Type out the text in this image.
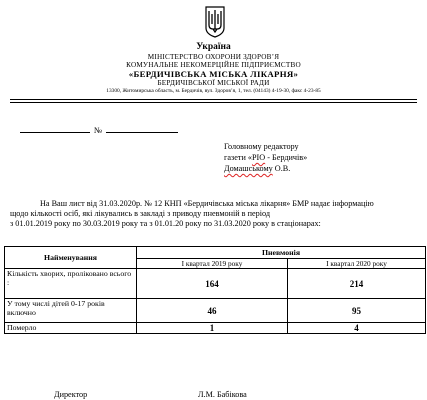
Україна
МІНІСТЕРСТВО ОХОРОНИ ЗДОРОВ’Я
КОМУНАЛЬНЕ НЕКОМЕРЦІЙНЕ ПІДПРИЄМСТВО
«БЕРДИЧІВСЬКА МІСЬКА ЛІКАРНЯ»
БЕРДИЧІВСЬКОЇ МІСЬКОЇ РАДИ
13300, Житомирська область, м. Бердичів, вул. Здоров’я, 1, тел. (04143) 4-19-30, факс 4-23-85
№
Головному редактору
газети «РІО - Бердичів»
Домашському О.В.
На Ваш лист від 31.03.2020р. № 12 КНП «Бердичівська міська лікарня» БМР надає інформацію
щодо кількості осіб, які лікувались в закладі з приводу пневмоній в період
з 01.01.2019 року по 30.03.2019 року та з 01.01.20 року по 31.03.2020 року в стаціонарах:
Найменування	Пневмонія	
	I квартал 2019 року	I квартал 2020 року
Кількість хворих, проліковано всього :	164	214
У тому числі дітей 0-17 років включно	46	95
Померло	1	4
Директор	Л.М. Бабікова
